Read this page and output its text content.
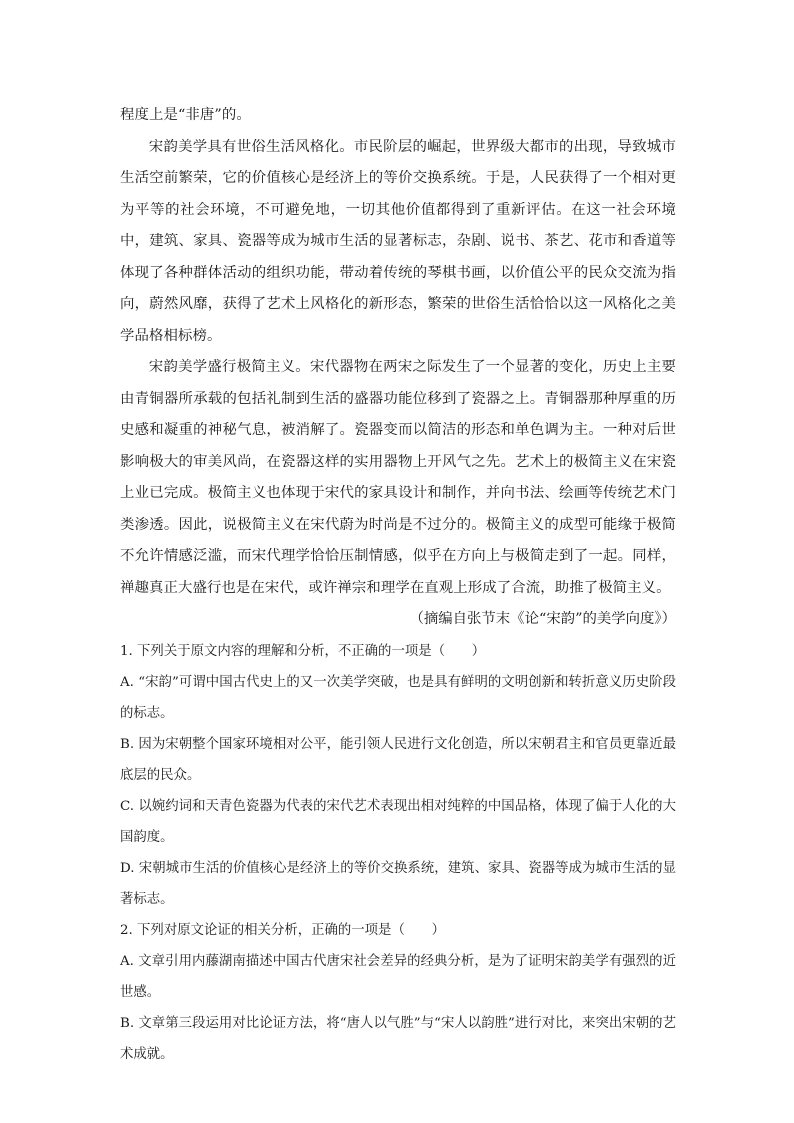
程度上是“非唐”的。

宋韵美学具有世俗生活风格化。市民阶层的崛起，世界级大都市的出现，导致城市生活空前繁荣，它的价值核心是经济上的等价交换系统。于是，人民获得了一个相对更为平等的社会环境，不可避免地，一切其他价值都得到了重新评估。在这一社会环境中，建筑、家具、瓷器等成为城市生活的显著标志，杂剧、说书、茶艺、花市和香道等体现了各种群体活动的组织功能，带动着传统的琴棋书画，以价值公平的民众交流为指向，蔚然风靡，获得了艺术上风格化的新形态，繁荣的世俗生活恰恰以这一风格化之美学品格相标榜。

宋韵美学盛行极简主义。宋代器物在两宋之际发生了一个显著的变化，历史上主要由青铜器所承载的包括礼制到生活的盛器功能位移到了瓷器之上。青铜器那种厚重的历史感和凝重的神秘气息，被消解了。瓷器变而以简洁的形态和单色调为主。一种对后世影响极大的审美风尚，在瓷器这样的实用器物上开风气之先。艺术上的极简主义在宋瓷上业已完成。极简主义也体现于宋代的家具设计和制作，并向书法、绘画等传统艺术门类渗透。因此，说极简主义在宋代蔚为时尚是不过分的。极简主义的成型可能缘于极简不允许情感泛滥，而宋代理学恰恰压制情感，似乎在方向上与极简走到了一起。同样，禅趣真正大盛行也是在宋代，或许禅宗和理学在直观上形成了合流，助推了极简主义。

（摘编自张节末《论“宋韵”的美学向度》）

1. 下列关于原文内容的理解和分析，不正确的一项是（　　）

A. “宋韵”可谓中国古代史上的又一次美学突破，也是具有鲜明的文明创新和转折意义历史阶段的标志。

B. 因为宋朝整个国家环境相对公平，能引领人民进行文化创造，所以宋朝君主和官员更靠近最底层的民众。

C. 以婉约词和天青色瓷器为代表的宋代艺术表现出相对纯粹的中国品格，体现了偏于人化的大国韵度。

D. 宋朝城市生活的价值核心是经济上的等价交换系统，建筑、家具、瓷器等成为城市生活的显著标志。

2. 下列对原文论证的相关分析，正确的一项是（　　）

A. 文章引用内藤湖南描述中国古代唐宋社会差异的经典分析，是为了证明宋韵美学有强烈的近世感。

B. 文章第三段运用对比论证方法，将“唐人以气胜”与“宋人以韵胜”进行对比，来突出宋朝的艺术成就。
